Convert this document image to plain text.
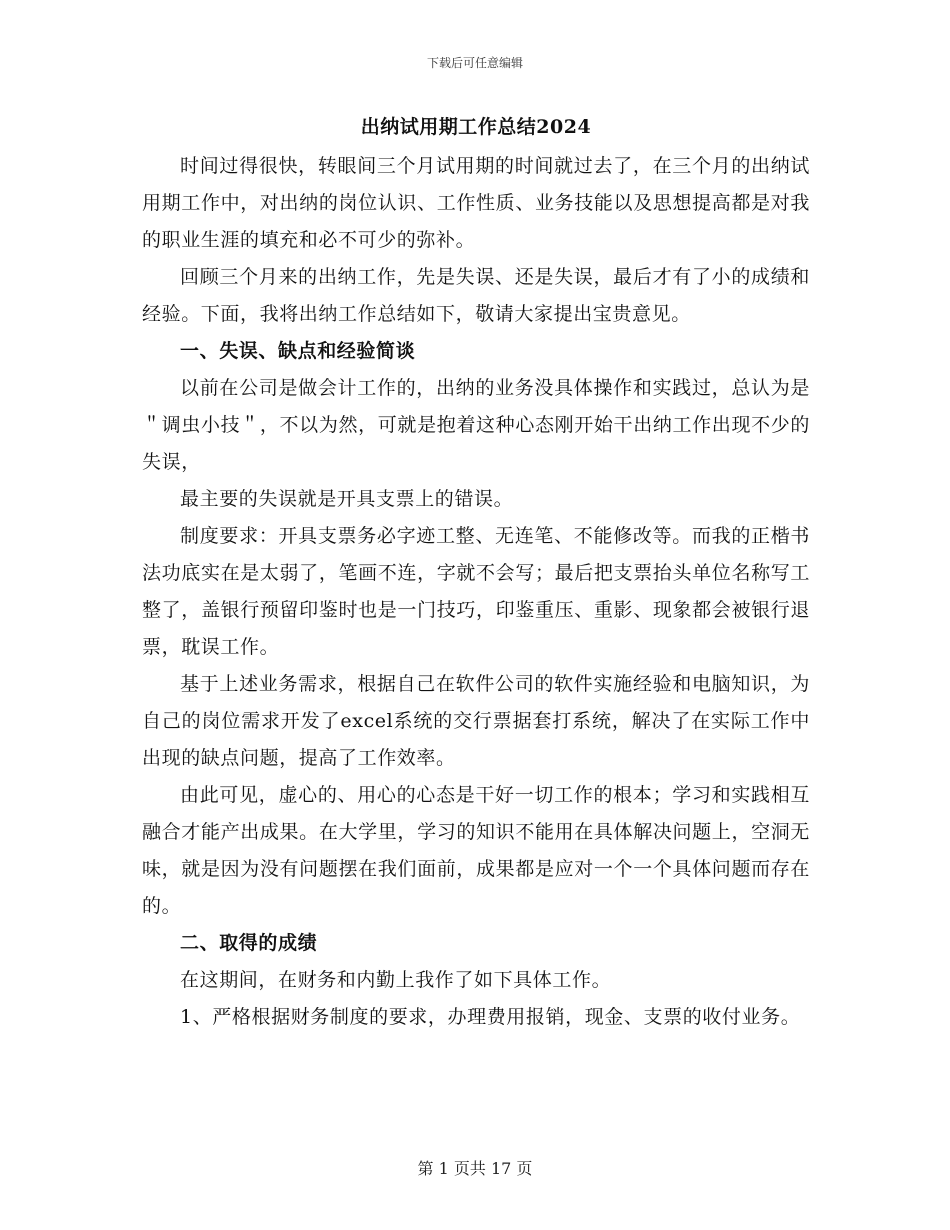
下载后可任意编辑
出纳试用期工作总结2024

时间过得很快，转眼间三个月试用期的时间就过去了，在三个月的出纳试用期工作中，对出纳的岗位认识、工作性质、业务技能以及思想提高都是对我的职业生涯的填充和必不可少的弥补。

回顾三个月来的出纳工作，先是失误、还是失误，最后才有了小的成绩和经验。下面，我将出纳工作总结如下，敬请大家提出宝贵意见。

一、失误、缺点和经验简谈

以前在公司是做会计工作的，出纳的业务没具体操作和实践过，总认为是＂调虫小技＂，不以为然，可就是抱着这种心态刚开始干出纳工作出现不少的失误，

最主要的失误就是开具支票上的错误。

制度要求：开具支票务必字迹工整、无连笔、不能修改等。而我的正楷书法功底实在是太弱了，笔画不连，字就不会写；最后把支票抬头单位名称写工整了，盖银行预留印鉴时也是一门技巧，印鉴重压、重影、现象都会被银行退票，耽误工作。

基于上述业务需求，根据自己在软件公司的软件实施经验和电脑知识，为自己的岗位需求开发了excel系统的交行票据套打系统，解决了在实际工作中出现的缺点问题，提高了工作效率。

由此可见，虚心的、用心的心态是干好一切工作的根本；学习和实践相互融合才能产出成果。在大学里，学习的知识不能用在具体解决问题上，空洞无味，就是因为没有问题摆在我们面前，成果都是应对一个一个具体问题而存在的。

二、取得的成绩

在这期间，在财务和内勤上我作了如下具体工作。

1、严格根据财务制度的要求，办理费用报销，现金、支票的收付业务。

第 1 页共 17 页
